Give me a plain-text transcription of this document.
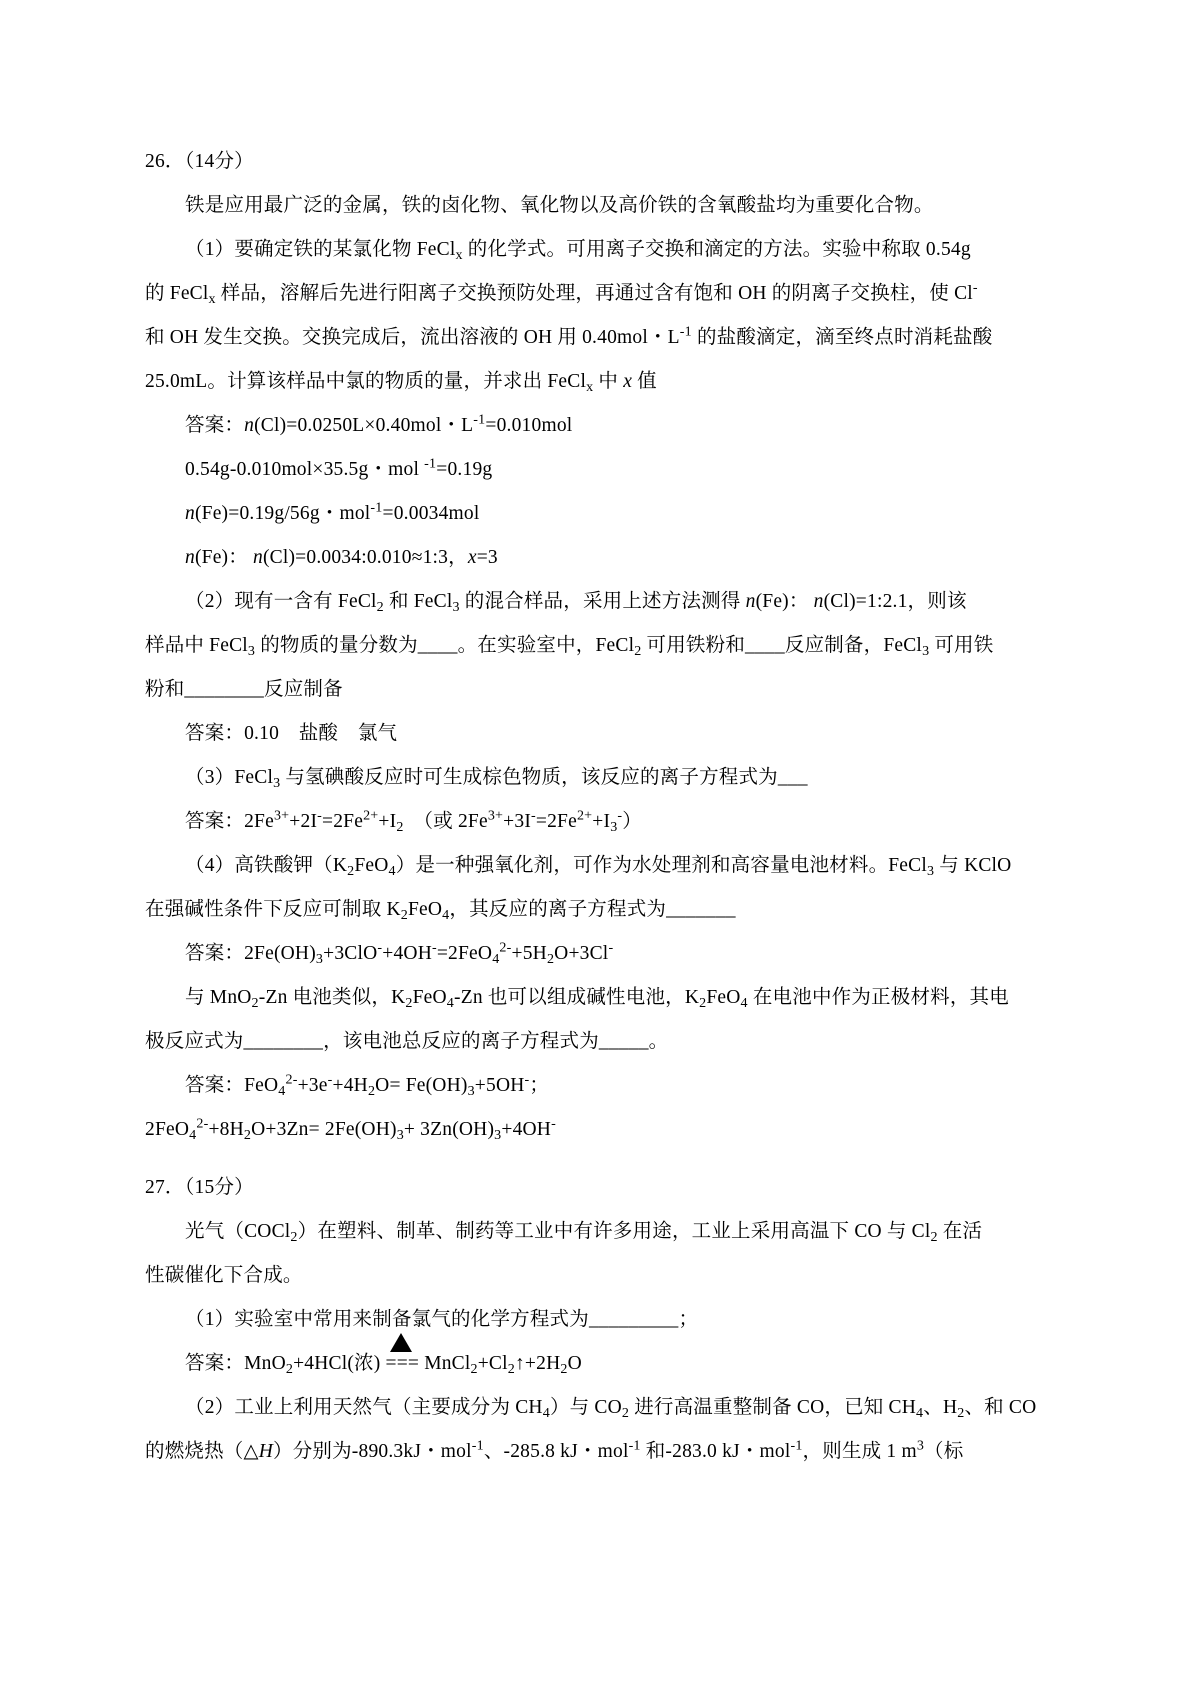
26．（14分）

铁是应用最广泛的金属，铁的卤化物、氧化物以及高价铁的含氧酸盐均为重要化合物。

（1）要确定铁的某氯化物 FeCl$_x$ 的化学式。可用离子交换和滴定的方法。实验中称取 0.54g

的 FeCl$_x$ 样品，溶解后先进行阳离子交换预防处理，再通过含有饱和 OH 的阴离子交换柱，使 Cl-

和 OH 发生交换。交换完成后，流出溶液的 OH 用 0.40mol・$L^{-1}$ 的盐酸滴定，滴至终点时消耗盐酸

25.0mL。计算该样品中氯的物质的量，并求出 FeCl$_x$ 中 x 值

答案：n(Cl)=0.0250L×0.40mol・$L^{-1}=0.010mol$

0.54g-0.010mol×35.5g・mol $^{-1}$=0.19g

n(Fe)=0.19g/56g・mol$^{-1}$=0.0034mol

n(Fe)： n(Cl)=0.0034:0.010≈1:3，x=3

（2）现有一含有 FeCl$_2$ 和 FeCl$_3$ 的混合样品，采用上述方法测得 n(Fe)： n(Cl)=1:2.1，则该

样品中 FeCl$_3$ 的物质的量分数为____。在实验室中，FeCl$_2$ 可用铁粉和____反应制备，FeCl$_3$ 可用铁

粉和________反应制备

答案：0.10　盐酸　氯气

（3）FeCl$_3$ 与氢碘酸反应时可生成棕色物质，该反应的离子方程式为___

答案：$2Fe^{3+}+2I^-=2Fe^{2+}+I_2$　（或 $2Fe^{3+}+3I^-=2Fe^{2+}+I_3^-$）

（4）高铁酸钾$(K_2FeO_4)$是一种强氧化剂，可作为水处理剂和高容量电池材料。FeCl$_3$ 与 KClO

在强碱性条件下反应可制取 $K_2FeO_4$，其反应的离子方程式为_______

答案：$2Fe(OH)_3+3ClO^-+4OH^-=2FeO_4^{2-}+5H_2O+3Cl^-$

与 MnO$_2$-Zn 电池类似，$K_2FeO_4-Zn$ 也可以组成碱性电池，$K_2FeO_4$ 在电池中作为正极材料，其电

极反应式为________，该电池总反应的离子方程式为_____。

答案：$FeO_4^{2-}+3e^-+4H_2O= Fe(OH)_3+5OH^-$；

$2FeO_4^{2-}+8H_2O+3Zn= 2Fe(OH)_3+ 3Zn(OH)_3+4OH^-$

27．（15分）

光气（COCl$_2$）在塑料、制革、制药等工业中有许多用途，工业上采用高温下 CO 与 $Cl_2$ 在活

性碳催化下合成。

（1）实验室中常用来制备氯气的化学方程式为_________；

答案：MnO$_2$+4HCl(浓) ===
$MnCl_2+Cl_2↑+2H_2O$

（2）工业上利用天然气（主要成分为 $CH_4$）与 $CO_2$ 进行高温重整制备 CO，已知 $CH_4$、$H_2$、和 CO

的燃烧热（△H）分别为-890.3kJ・mol$^{-1}$、-285.8 kJ・mol$^{-1}$ 和-283.0 kJ・mol$^{-1}$，则生成 1 $m^3$（标
